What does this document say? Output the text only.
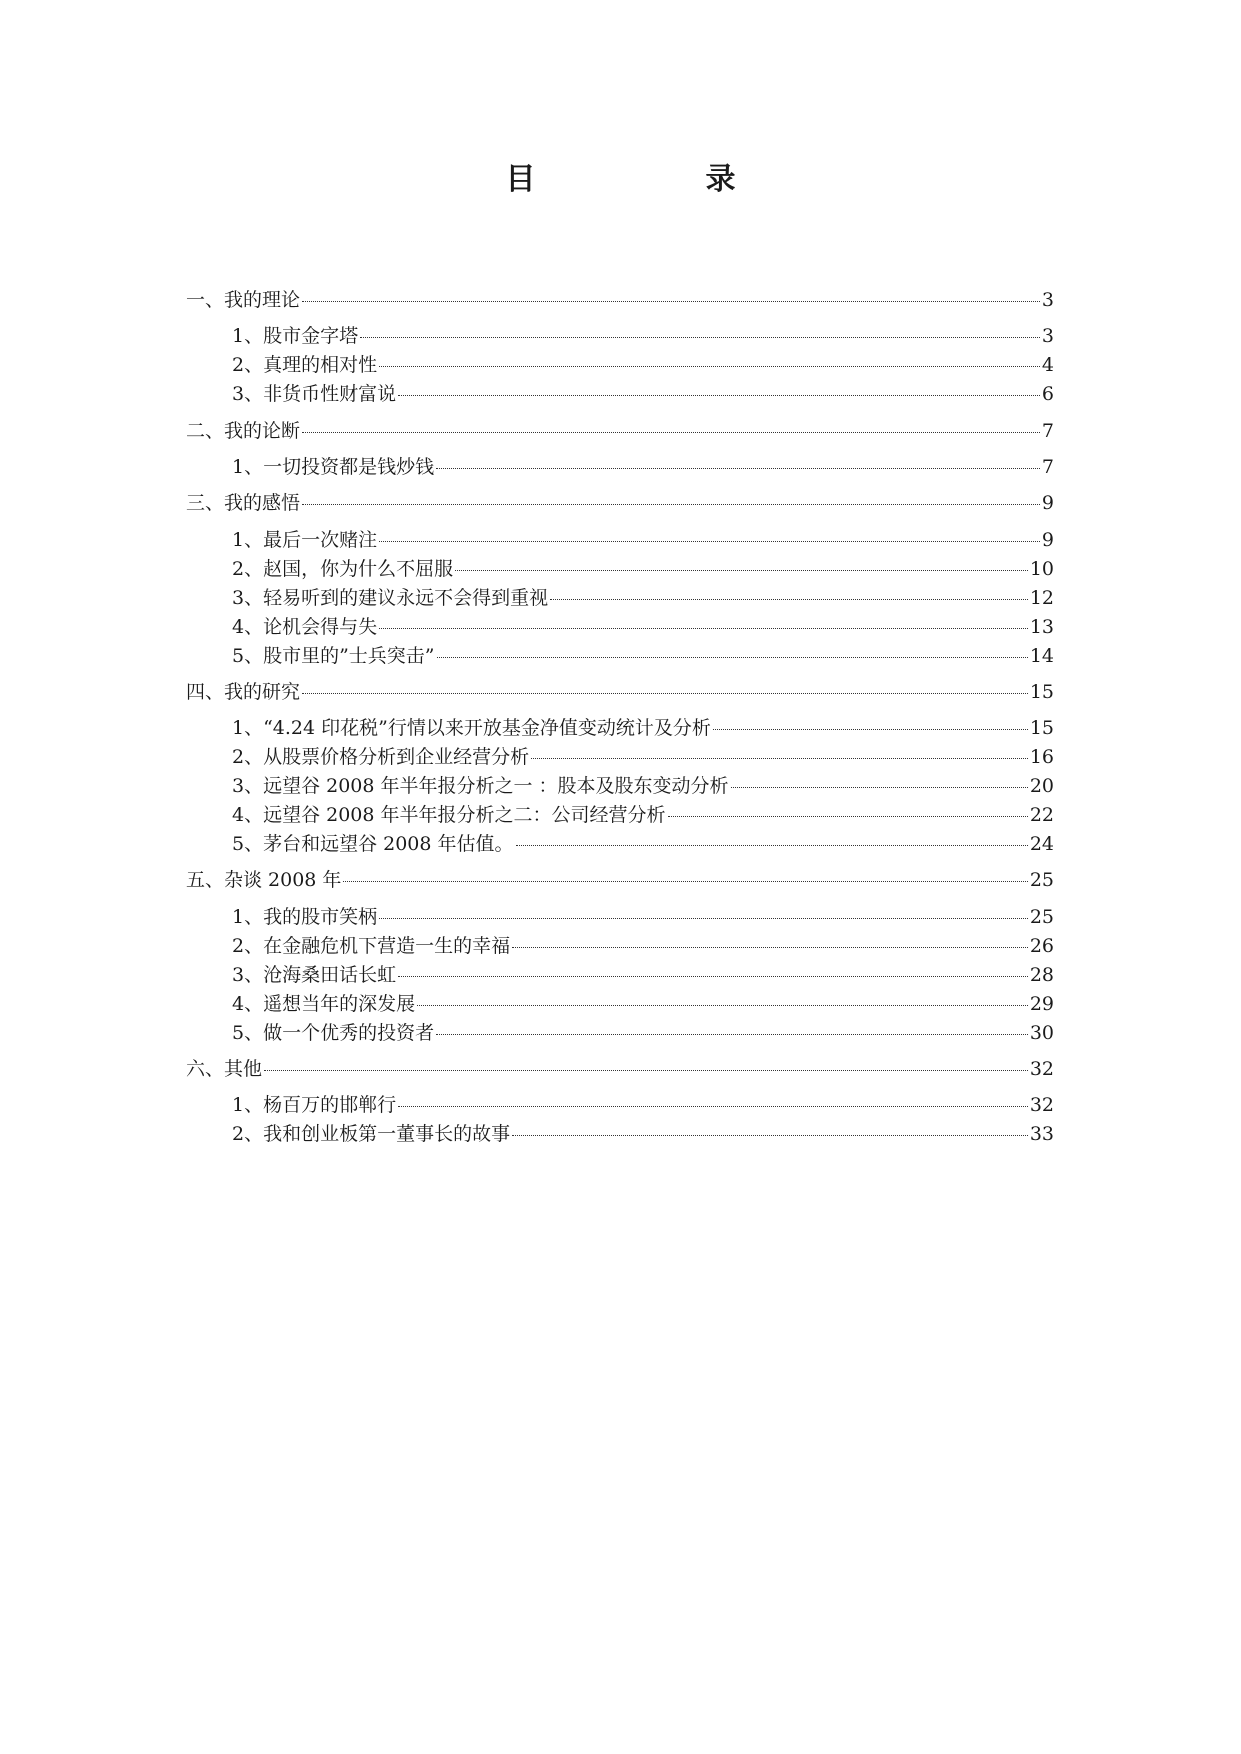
目　录
一、我的理论	3
1、股市金字塔	3
2、真理的相对性	4
3、非货币性财富说	6
二、我的论断	7
1、一切投资都是钱炒钱	7
三、我的感悟	9
1、最后一次赌注	9
2、赵国，你为什么不屈服	10
3、轻易听到的建议永远不会得到重视	12
4、论机会得与失	13
5、股市里的”士兵突击”	14
四、我的研究	15
1、“4.24 印花税”行情以来开放基金净值变动统计及分析	15
2、从股票价格分析到企业经营分析	16
3、远望谷 2008 年半年报分析之一 ：股本及股东变动分析	20
4、远望谷 2008 年半年报分析之二：公司经营分析	22
5、茅台和远望谷 2008 年估值。	24
五、杂谈 2008 年	25
1、我的股市笑柄	25
2、在金融危机下营造一生的幸福	26
3、沧海桑田话长虹	28
4、遥想当年的深发展	29
5、做一个优秀的投资者	30
六、其他	32
1、杨百万的邯郸行	32
2、我和创业板第一董事长的故事	33
